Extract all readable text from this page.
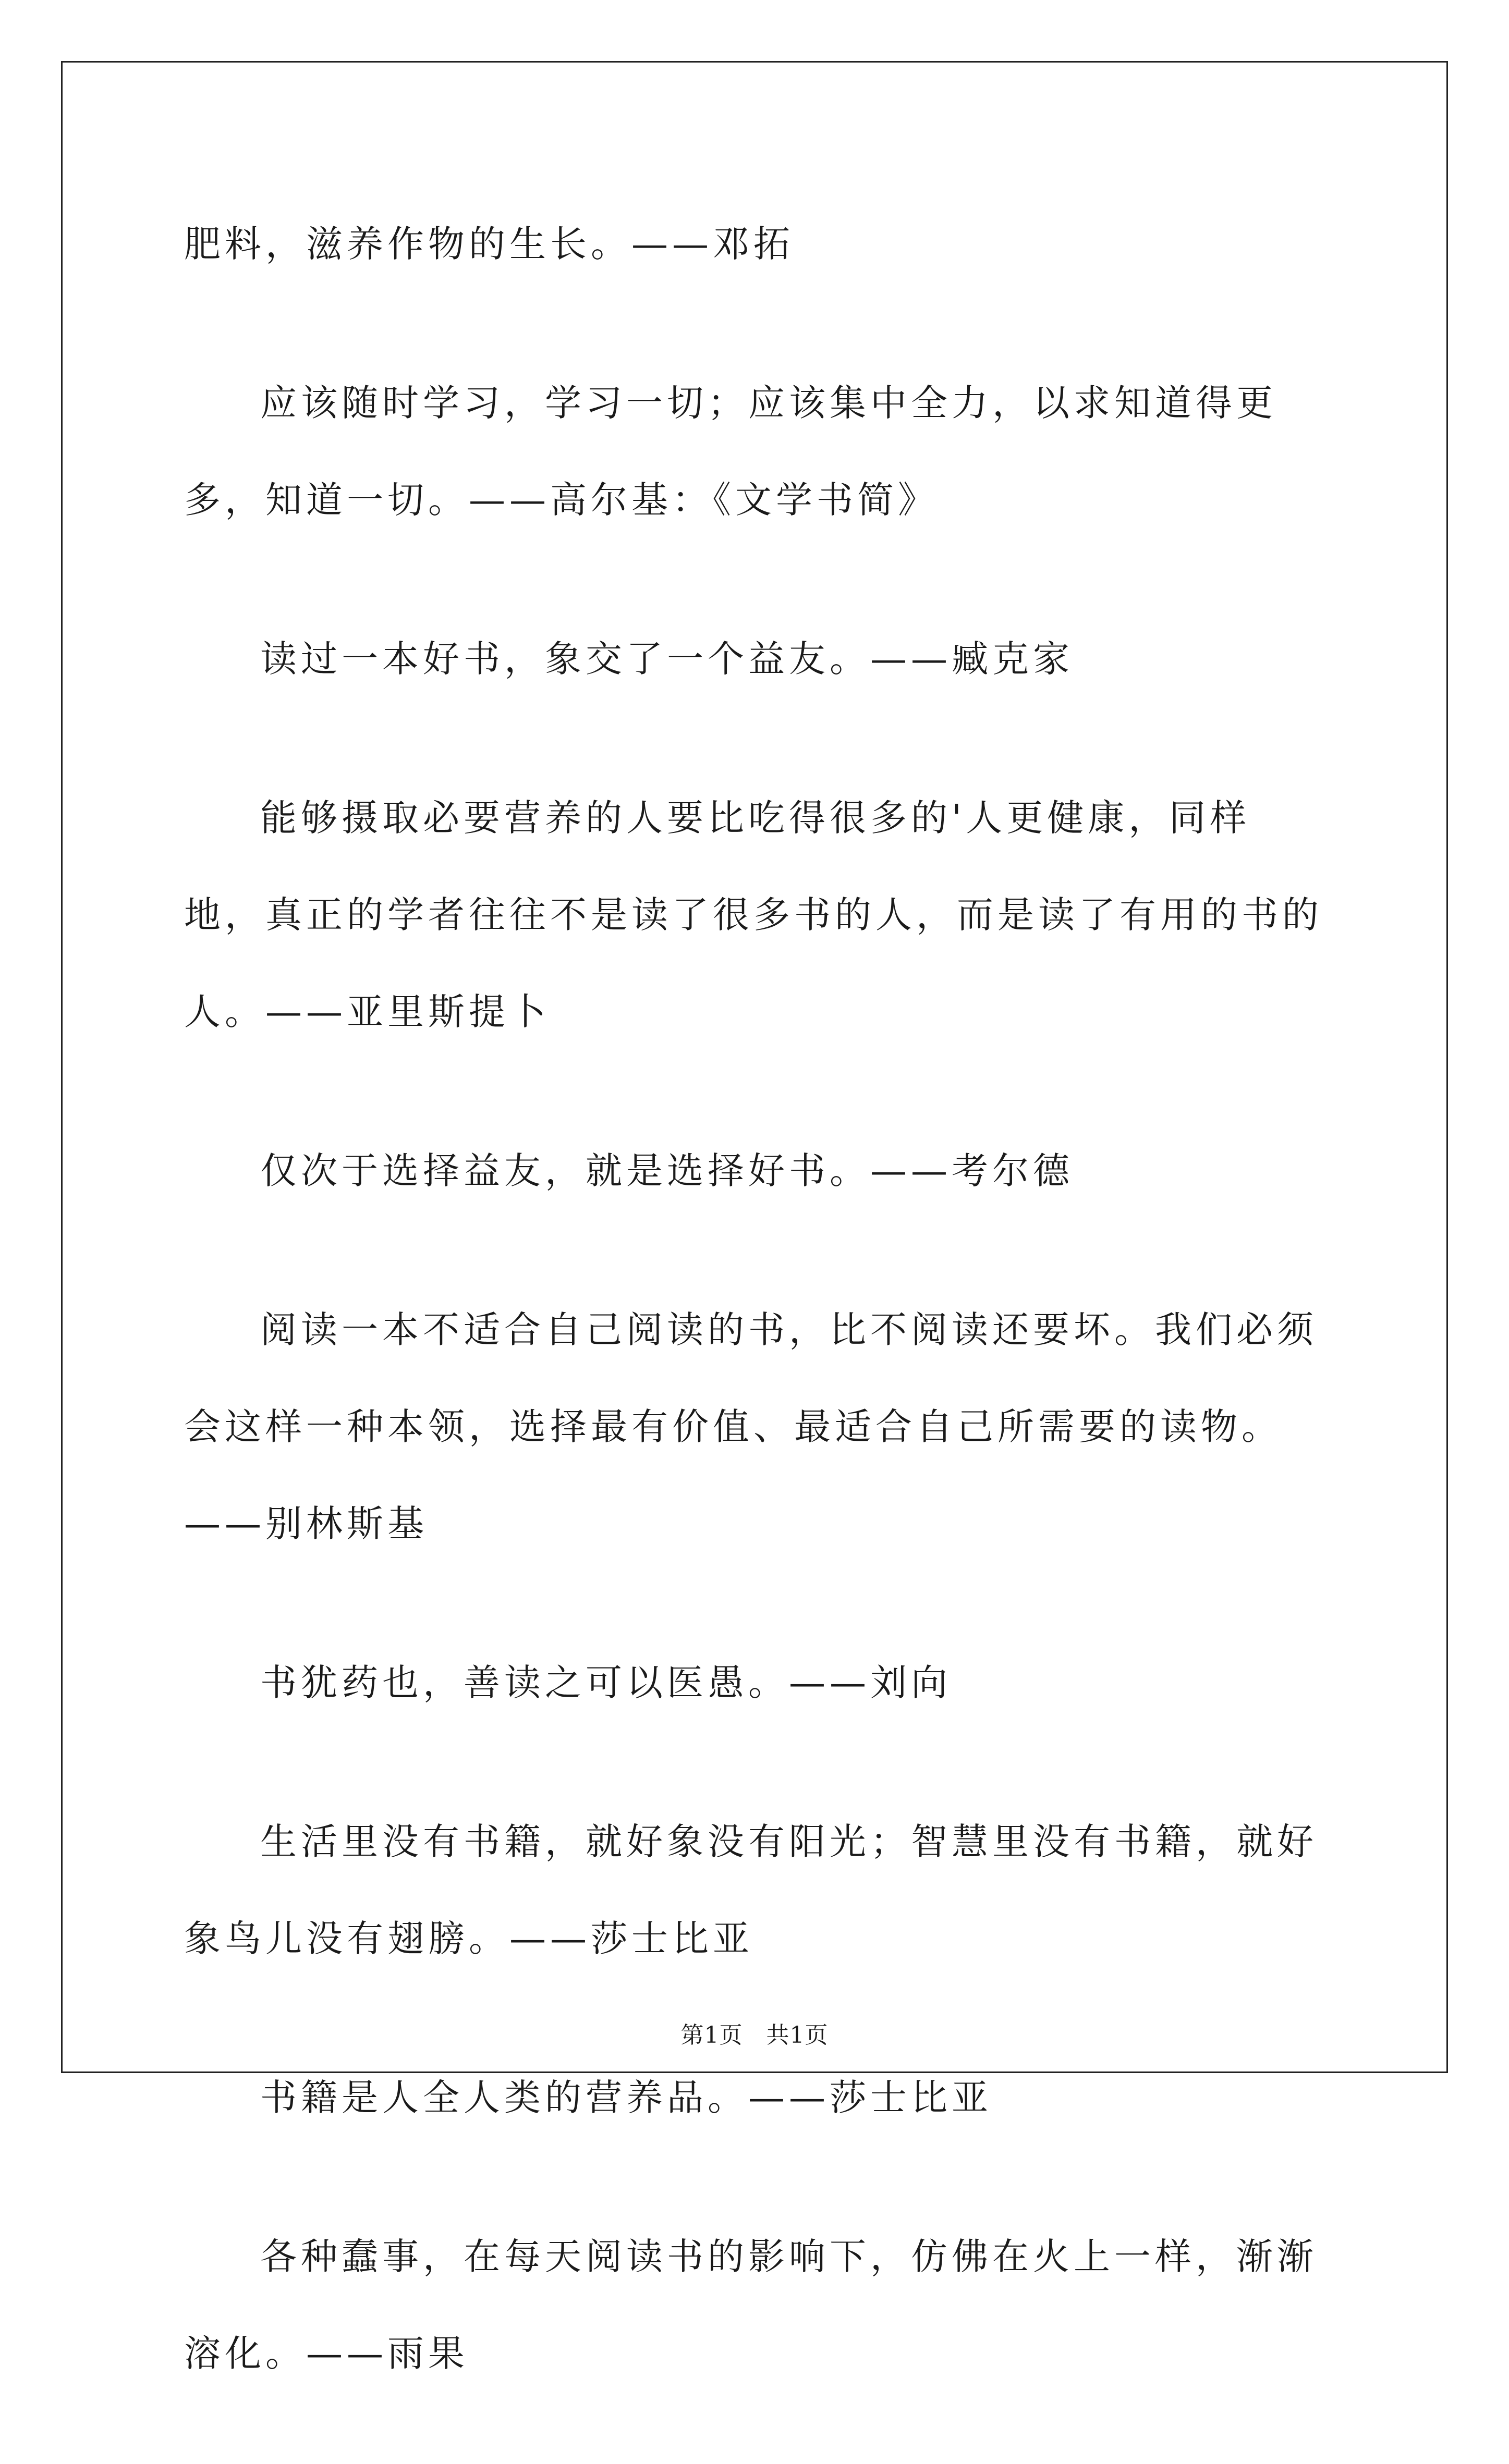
肥料，滋养作物的生长。——邓拓

应该随时学习，学习一切；应该集中全力，以求知道得更多，知道一切。——高尔基：《文学书简》

读过一本好书，象交了一个益友。——臧克家

能够摄取必要营养的人要比吃得很多的'人更健康，同样地，真正的学者往往不是读了很多书的人，而是读了有用的书的人。——亚里斯提卜

仅次于选择益友，就是选择好书。——考尔德

阅读一本不适合自己阅读的书，比不阅读还要坏。我们必须会这样一种本领，选择最有价值、最适合自己所需要的读物。——别林斯基

书犹药也，善读之可以医愚。——刘向

生活里没有书籍，就好象没有阳光；智慧里没有书籍，就好象鸟儿没有翅膀。——莎士比亚

书籍是人全人类的营养品。——莎士比亚

各种蠢事，在每天阅读书的影响下，仿佛在火上一样，渐渐溶化。——雨果

第1页　共1页
